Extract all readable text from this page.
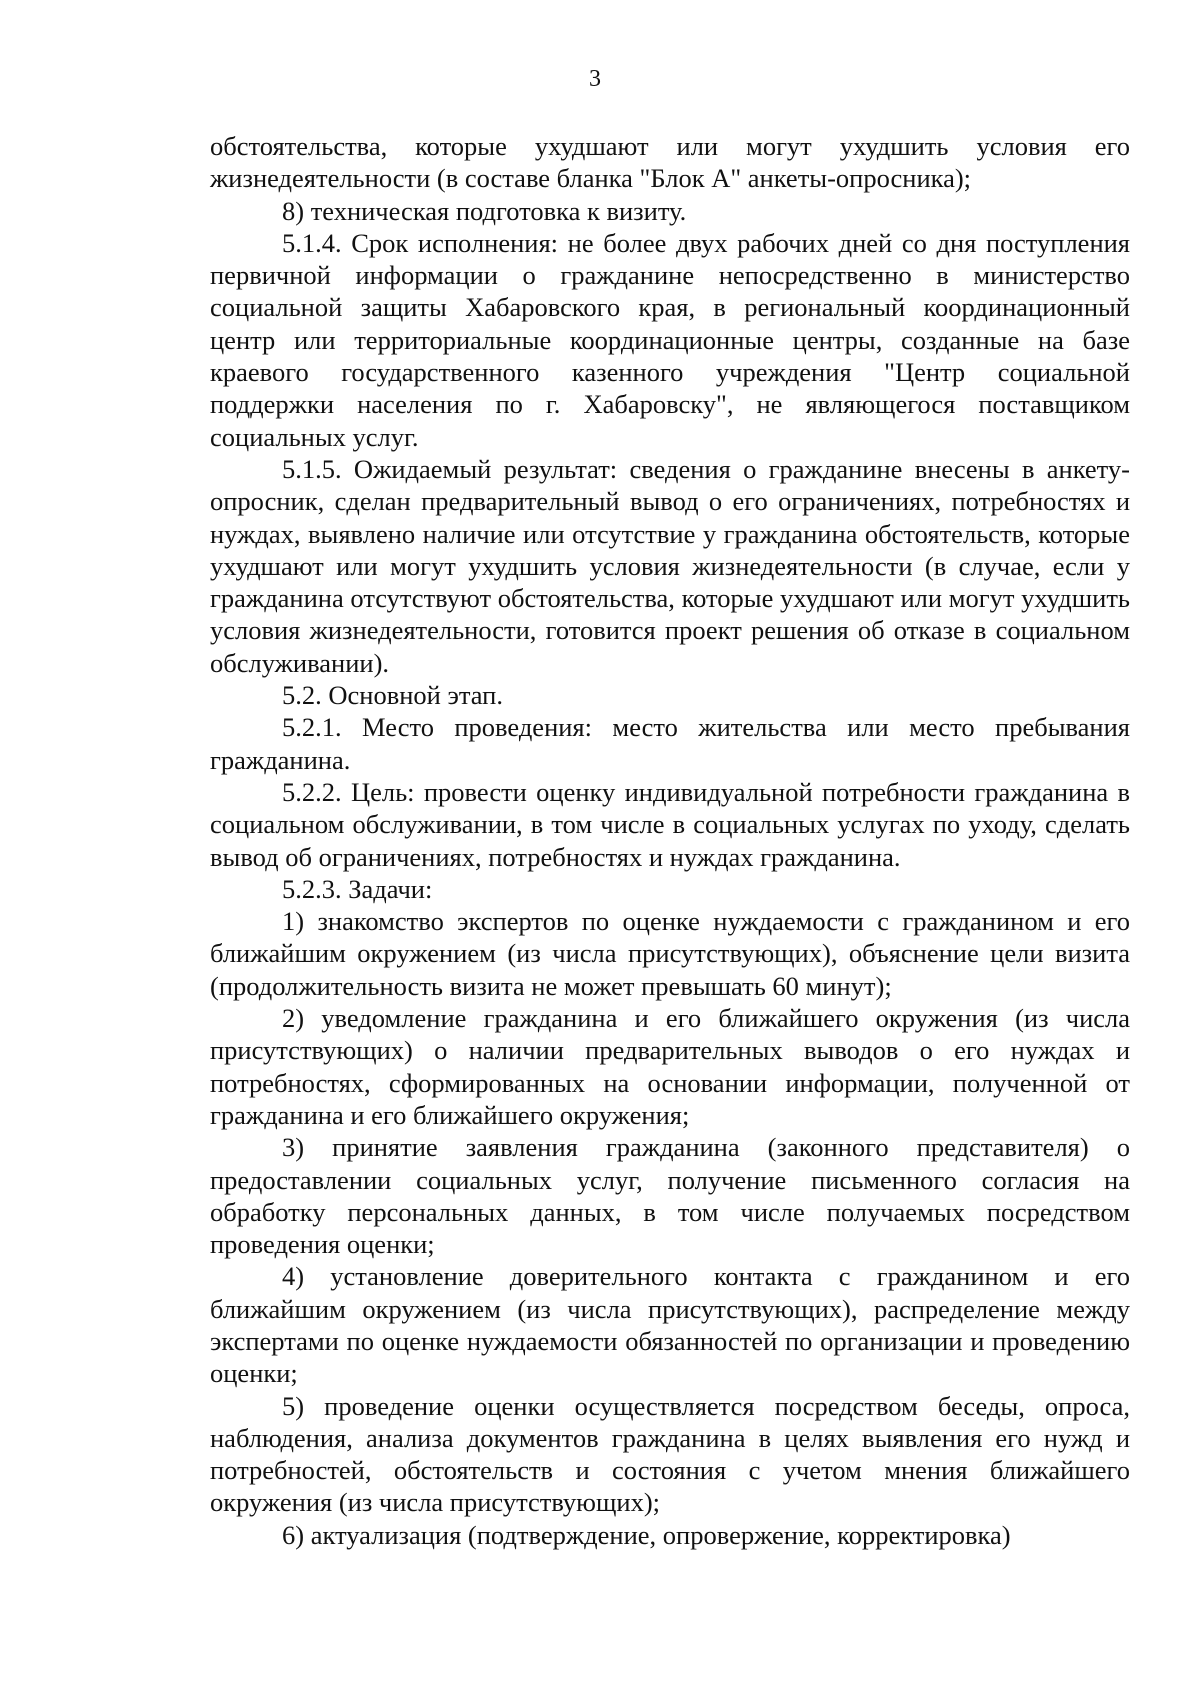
3

обстоятельства, которые ухудшают или могут ухудшить условия его жизнедеятельности (в составе бланка "Блок А" анкеты-опросника);

8) техническая подготовка к визиту.

5.1.4. Срок исполнения: не более двух рабочих дней со дня поступления первичной информации о гражданине непосредственно в министерство социальной защиты Хабаровского края, в региональный координационный центр или территориальные координационные центры, созданные на базе краевого государственного казенного учреждения "Центр социальной поддержки населения по г. Хабаровску", не являющегося поставщиком социальных услуг.

5.1.5. Ожидаемый результат: сведения о гражданине внесены в анкету-опросник, сделан предварительный вывод о его ограничениях, потребностях и нуждах, выявлено наличие или отсутствие у гражданина обстоятельств, которые ухудшают или могут ухудшить условия жизнедеятельности (в случае, если у гражданина отсутствуют обстоятельства, которые ухудшают или могут ухудшить условия жизнедеятельности, готовится проект решения об отказе в социальном обслуживании).

5.2. Основной этап.

5.2.1. Место проведения: место жительства или место пребывания гражданина.

5.2.2. Цель: провести оценку индивидуальной потребности гражданина в социальном обслуживании, в том числе в социальных услугах по уходу, сделать вывод об ограничениях, потребностях и нуждах гражданина.

5.2.3. Задачи:

1) знакомство экспертов по оценке нуждаемости с гражданином и его ближайшим окружением (из числа присутствующих), объяснение цели визита (продолжительность визита не может превышать 60 минут);

2) уведомление гражданина и его ближайшего окружения (из числа присутствующих) о наличии предварительных выводов о его нуждах и потребностях, сформированных на основании информации, полученной от гражданина и его ближайшего окружения;

3) принятие заявления гражданина (законного представителя) о предоставлении социальных услуг, получение письменного согласия на обработку персональных данных, в том числе получаемых посредством проведения оценки;

4) установление доверительного контакта с гражданином и его ближайшим окружением (из числа присутствующих), распределение между экспертами по оценке нуждаемости обязанностей по организации и проведению оценки;

5) проведение оценки осуществляется посредством беседы, опроса, наблюдения, анализа документов гражданина в целях выявления его нужд и потребностей, обстоятельств и состояния с учетом мнения ближайшего окружения (из числа присутствующих);

6) актуализация (подтверждение, опровержение, корректировка)
